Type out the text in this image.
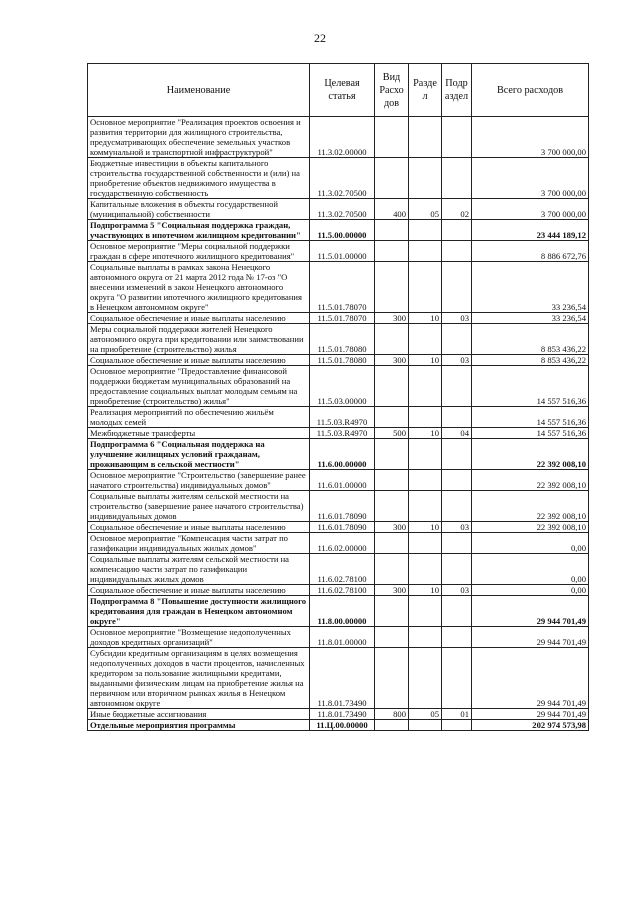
22
Наименование	Целевая статья	Вид Расхо дов	Разде л	Подр аздел	Всего расходов
Основное мероприятие "Реализация проектов освоения и развития территории для жилищного строительства, предусматривающих обеспечение земельных участков коммунальной и транспортной инфраструктурой"	11.3.02.00000				3 700 000,00
Бюджетные инвестиции в объекты капитального строительства государственной собственности и (или) на приобретение объектов недвижимого имущества в государственную собственность	11.3.02.70500				3 700 000,00
Капитальные вложения в объекты государственной (муниципальной) собственности	11.3.02.70500	400	05	02	3 700 000,00
Подпрограмма 5 "Социальная поддержка граждан, участвующих в ипотечном жилищном кредитовании"	11.5.00.00000				23 444 189,12
Основное мероприятие "Меры социальной поддержки граждан в сфере ипотечного жилищного кредитования"	11.5.01.00000				8 886 672,76
Социальные выплаты в рамках закона Ненецкого автономного округа от 21 марта 2012 года № 17-оз "О внесении изменений в закон Ненецкого автономного округа "О развитии ипотечного жилищного кредитования в Ненецком автономном округе"	11.5.01.78070				33 236,54
Социальное обеспечение и иные выплаты населению	11.5.01.78070	300	10	03	33 236,54
Меры социальной поддержки жителей Ненецкого автономного округа при кредитовании или заимствовании на приобретение (строительство) жилья	11.5.01.78080				8 853 436,22
Социальное обеспечение и иные выплаты населению	11.5.01.78080	300	10	03	8 853 436,22
Основное мероприятие "Предоставление финансовой поддержки бюджетам муниципальных образований на предоставление социальных выплат молодым семьям на приобретение (строительство) жилья"	11.5.03.00000				14 557 516,36
Реализация мероприятий по обеспечению жильём молодых семей	11.5.03.R4970				14 557 516,36
Межбюджетные трансферты	11.5.03.R4970	500	10	04	14 557 516,36
Подпрограмма 6 "Социальная поддержка на улучшение жилищных условий гражданам, проживающим в сельской местности"	11.6.00.00000				22 392 008,10
Основное мероприятие "Строительство (завершение ранее начатого строительства) индивидуальных домов"	11.6.01.00000				22 392 008,10
Социальные выплаты жителям сельской местности на строительство (завершение ранее начатого строительства) индивидуальных домов	11.6.01.78090				22 392 008,10
Социальное обеспечение и иные выплаты населению	11.6.01.78090	300	10	03	22 392 008,10
Основное мероприятие "Компенсация части затрат по газификации индивидуальных жилых домов"	11.6.02.00000				0,00
Социальные выплаты жителям сельской местности на компенсацию части затрат по газификации индивидуальных жилых домов	11.6.02.78100				0,00
Социальное обеспечение и иные выплаты населению	11.6.02.78100	300	10	03	0,00
Подпрограмма 8 "Повышение доступности жилищного кредитования для граждан в Ненецком автономном округе"	11.8.00.00000				29 944 701,49
Основное мероприятие "Возмещение недополученных доходов кредитных организаций"	11.8.01.00000				29 944 701,49
Субсидии кредитным организациям в целях возмещения недополученных доходов в части процентов, начисленных кредитором за пользование жилищными кредитами, выданными физическим лицам на приобретение жилья на первичном или вторичном рынках жилья в Ненецком автономном округе	11.8.01.73490				29 944 701,49
Иные бюджетные ассигнования	11.8.01.73490	800	05	01	29 944 701,49
Отдельные мероприятия программы	11.Ц.00.00000				202 974 573,98
